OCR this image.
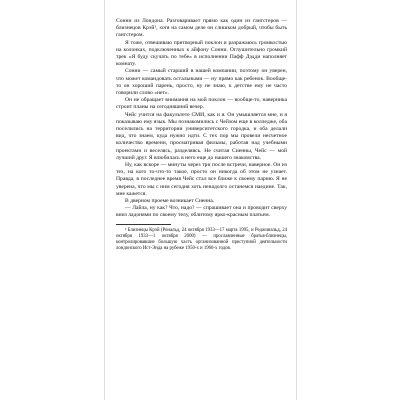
Сонни из Лондона. Разговаривает прямо как один из гангстеров — близнецов Крэй¹, хотя на самом деле он слишком добрый, чтобы быть гангстером.

Я тоже, отвешиваю притворный поклон и разражаюсь громкостью на колонках, подключенных к айфону Сонни. Оглушительно громкий трек «Я буду скучать по тебе» в исполнении Пафф Дэдди наполняет комнату.

Сонни — самый старший в нашей компании, поэтому он уверен, что может командовать остальными — ну прямо как ребенок. Вообще-то он хороший парень, просто, ну не знаю, к детстве ему не часто говорили слово «нет».

Он не обращает внимания на мой поклон — вообще-то, наверника строит планы на сегодняшний вечер.

Чейс учится на факультете СМИ, как и я. Он умышляется мне, и я показываю ему язык. Мы познакомились с Чейзом еще в колледже, оба поселились на территории университетского городка, и оба делали вид, что знаем, куда нужно идти. С тех пор мы провели несчетное количество времени, просматривая фильмы, работая над учебными проектами и веселясь, разделяясь. Не считая Сиенны, Чейс — мой лучший друг. Я влюбилась в него еще до нашего знакомства.

Ну, как вскоре — минуты через три после встречи, наверное. Он из тех, на кого то-что-то такое, просто он никогда об этом не узнает. Правда, в последнее время Чейс стал все ближе к своему парню. Я не уверена, что мы с ним сегодня хоть ненадолго останемся наедине. Так, мне кажется.

В дверном проеме возникает Сиенна.

— Лайла, ну как? Что, надо? — спрашивает она и проводит сверху вниз ладонями по своему телу, облитому ярко-красным платьем.

¹ Близнецы Крэй (Рональд, 24 октября 1933—17 марта 1995, и Реджинальд, 24 октября 1933—1 октября 2000) — прославленные братья-близнецы, контролировавшие большую часть организованной преступной деятельности лондонского Ист-Энда на рубеже 1950-х и 1960-х годов.
